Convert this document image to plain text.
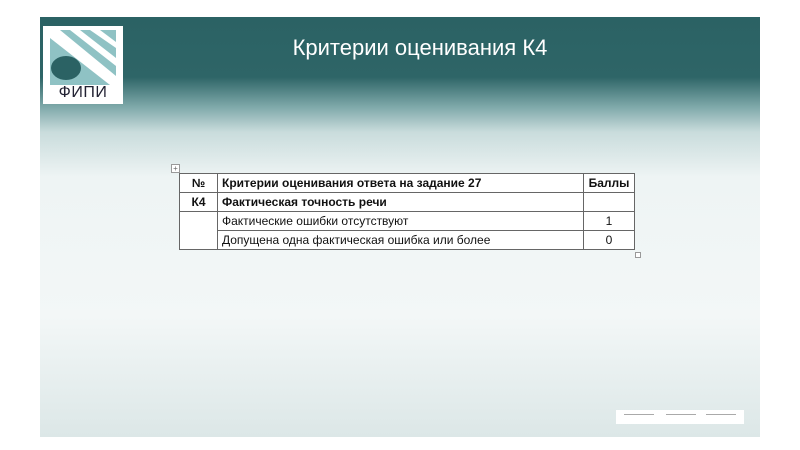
ФИПИ
Критерии оценивания К4
+
№	Критерии оценивания ответа на задание 27	Баллы
К4	Фактическая точность речи	
	Фактические ошибки отсутствуют	1
	Допущена одна фактическая ошибка или более	0
